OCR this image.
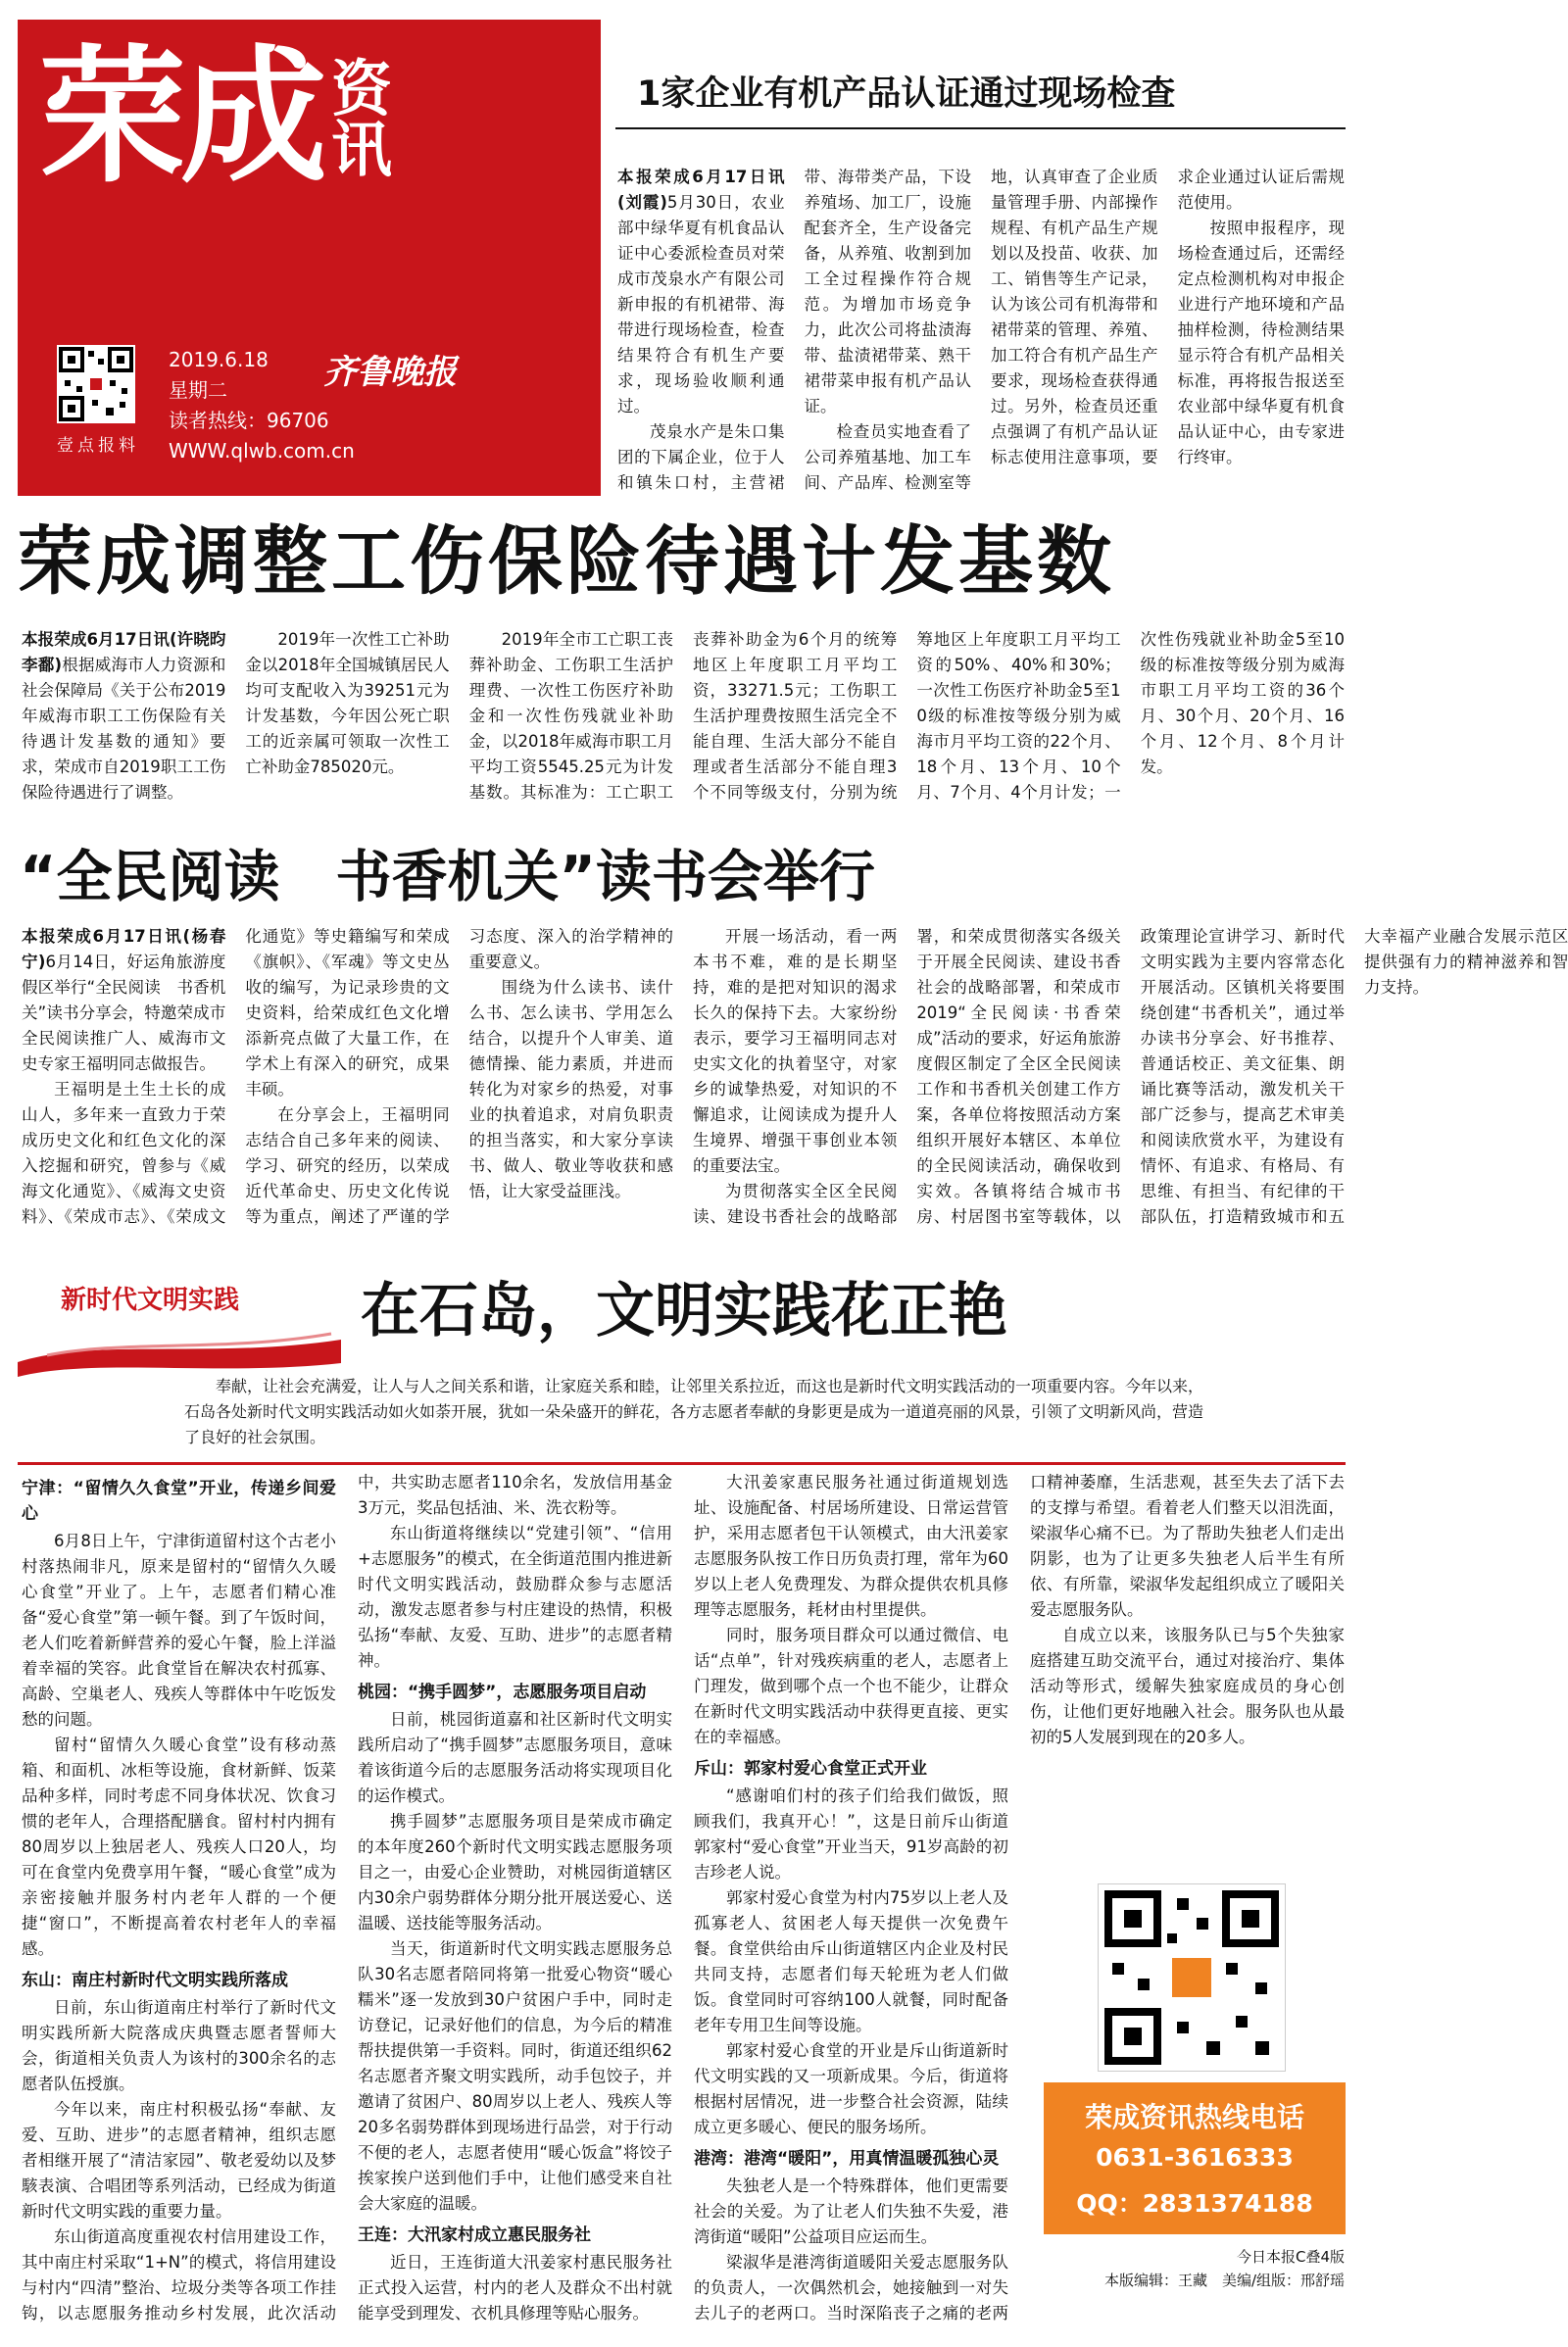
荣成 资讯
壹点报料
2019.6.18
星期二
读者热线：96706
WWW.qlwb.com.cn
齐鲁晚报
1家企业有机产品认证通过现场检查

本报荣成6月17日讯(刘霞)5月30日，农业部中绿华夏有机食品认证中心委派检查员对荣成市茂泉水产有限公司新申报的有机裙带、海带进行现场检查，检查结果符合有机生产要求，现场验收顺利通过。

茂泉水产是朱口集团的下属企业，位于人和镇朱口村，主营裙带、海带类产品，下设养殖场、加工厂，设施配套齐全，生产设备完备，从养殖、收割到加工全过程操作符合规范。为增加市场竞争力，此次公司将盐渍海带、盐渍裙带菜、熟干裙带菜申报有机产品认证。

检查员实地查看了公司养殖基地、加工车间、产品库、检测室等地，认真审查了企业质量管理手册、内部操作规程、有机产品生产规划以及投苗、收获、加工、销售等生产记录，认为该公司有机海带和裙带菜的管理、养殖、加工符合有机产品生产要求，现场检查获得通过。另外，检查员还重点强调了有机产品认证标志使用注意事项，要求企业通过认证后需规范使用。

按照申报程序，现场检查通过后，还需经定点检测机构对申报企业进行产地环境和产品抽样检测，待检测结果显示符合有机产品相关标准，再将报告报送至农业部中绿华夏有机食品认证中心，由专家进行终审。

荣成调整工伤保险待遇计发基数

本报荣成6月17日讯(许晓昀 李鄱)根据威海市人力资源和社会保障局《关于公布2019年威海市职工工伤保险有关待遇计发基数的通知》要求，荣成市自2019职工工伤保险待遇进行了调整。

2019年一次性工亡补助金以2018年全国城镇居民人均可支配收入为39251元为计发基数，今年因公死亡职工的近亲属可领取一次性工亡补助金785020元。

2019年全市工亡职工丧葬补助金、工伤职工生活护理费、一次性工伤医疗补助金和一次性伤残就业补助金，以2018年威海市职工月平均工资5545.25元为计发基数。其标准为：工亡职工丧葬补助金为6个月的统筹地区上年度职工月平均工资，33271.5元；工伤职工生活护理费按照生活完全不能自理、生活大部分不能自理或者生活部分不能自理3个不同等级支付，分别为统筹地区上年度职工月平均工资的50%、40%和30%；一次性工伤医疗补助金5至10级的标准按等级分别为威海市月平均工资的22个月、18个月、13个月、10个月、7个月、4个月计发；一次性伤残就业补助金5至10级的标准按等级分别为威海市职工月平均工资的36个月、30个月、20个月、16个月、12个月、8个月计发。

“全民阅读　书香机关”读书会举行

本报荣成6月17日讯(杨春宁)6月14日，好运角旅游度假区举行“全民阅读　书香机关”读书分享会，特邀荣成市全民阅读推广人、威海市文史专家王福明同志做报告。

王福明是土生土长的成山人，多年来一直致力于荣成历史文化和红色文化的深入挖掘和研究，曾参与《威海文化通览》、《威海文史资料》、《荣成市志》、《荣成文化通览》等史籍编写和荣成《旗帜》、《军魂》等文史丛收的编写，为记录珍贵的文史资料，给荣成红色文化增添新亮点做了大量工作，在学术上有深入的研究，成果丰硕。

在分享会上，王福明同志结合自己多年来的阅读、学习、研究的经历，以荣成近代革命史、历史文化传说等为重点，阐述了严谨的学习态度、深入的治学精神的重要意义。

围绕为什么读书、读什么书、怎么读书、学用怎么结合，以提升个人审美、道德情操、能力素质，并进而转化为对家乡的热爱，对事业的执着追求，对肩负职责的担当落实，和大家分享读书、做人、敬业等收获和感悟，让大家受益匪浅。

开展一场活动，看一两本书不难，难的是长期坚持，难的是把对知识的渴求长久的保持下去。大家纷纷表示，要学习王福明同志对史实文化的执着坚守，对家乡的诚挚热爱，对知识的不懈追求，让阅读成为提升人生境界、增强干事创业本领的重要法宝。

为贯彻落实全区全民阅读、建设书香社会的战略部署，和荣成贯彻落实各级关于开展全民阅读、建设书香社会的战略部署，和荣成市2019“全民阅读·书香荣成”活动的要求，好运角旅游度假区制定了全区全民阅读工作和书香机关创建工作方案，各单位将按照活动方案组织开展好本辖区、本单位的全民阅读活动，确保收到实效。各镇将结合城市书房、村居图书室等载体，以政策理论宣讲学习、新时代文明实践为主要内容常态化开展活动。区镇机关将要围绕创建“书香机关”，通过举办读书分享会、好书推荐、普通话校正、美文征集、朗诵比赛等活动，激发机关干部广泛参与，提高艺术审美和阅读欣赏水平，为建设有情怀、有追求、有格局、有思维、有担当、有纪律的干部队伍，打造精致城市和五大幸福产业融合发展示范区提供强有力的精神滋养和智力支持。

新时代文明实践 在石岛，文明实践花正艳

奉献，让社会充满爱，让人与人之间关系和谐，让家庭关系和睦，让邻里关系拉近，而这也是新时代文明实践活动的一项重要内容。今年以来，石岛各处新时代文明实践活动如火如荼开展，犹如一朵朵盛开的鲜花，各方志愿者奉献的身影更是成为一道道亮丽的风景，引领了文明新风尚，营造了良好的社会氛围。

宁津：“留情久久食堂”开业，传递乡间爱心

6月8日上午，宁津街道留村这个古老小村落热闹非凡，原来是留村的“留情久久暖心食堂”开业了。上午，志愿者们精心准备“爱心食堂”第一顿午餐。到了午饭时间，老人们吃着新鲜营养的爱心午餐，脸上洋溢着幸福的笑容。此食堂旨在解决农村孤寡、高龄、空巢老人、残疾人等群体中午吃饭发愁的问题。

留村“留情久久暖心食堂”设有移动蒸箱、和面机、冰柜等设施，食材新鲜、饭菜品种多样，同时考虑不同身体状况、饮食习惯的老年人，合理搭配膳食。留村村内拥有80周岁以上独居老人、残疾人口20人，均可在食堂内免费享用午餐，“暖心食堂”成为亲密接触并服务村内老年人群的一个便捷“窗口”，不断提高着农村老年人的幸福感。

东山：南庄村新时代文明实践所落成

日前，东山街道南庄村举行了新时代文明实践所新大院落成庆典暨志愿者誓师大会，街道相关负责人为该村的300余名的志愿者队伍授旗。

今年以来，南庄村积极弘扬“奉献、友爱、互助、进步”的志愿者精神，组织志愿者相继开展了“清洁家园”、敬老爱幼以及梦駭表演、合唱团等系列活动，已经成为街道新时代文明实践的重要力量。

东山街道高度重视农村信用建设工作，其中南庄村采取“1+N”的模式，将信用建设与村内“四清”整治、垃圾分类等各项工作挂钩，以志愿服务推动乡村发展，此次活动中，共实助志愿者110余名，发放信用基金3万元，奖品包括油、米、洗衣粉等。

东山街道将继续以“党建引领”、“信用+志愿服务”的模式，在全街道范围内推进新时代文明实践活动，鼓励群众参与志愿活动，激发志愿者参与村庄建设的热情，积极弘扬“奉献、友爱、互助、进步”的志愿者精神。

桃园：“携手圆梦”，志愿服务项目启动

日前，桃园街道嘉和社区新时代文明实践所启动了“携手圆梦”志愿服务项目，意味着该街道今后的志愿服务活动将实现项目化的运作模式。

携手圆梦”志愿服务项目是荣成市确定的本年度260个新时代文明实践志愿服务项目之一，由爱心企业赞助，对桃园街道辖区内30余户弱势群体分期分批开展送爱心、送温暖、送技能等服务活动。

当天，街道新时代文明实践志愿服务总队30名志愿者陪同将第一批爱心物资“暖心糯米”逐一发放到30户贫困户手中，同时走访登记，记录好他们的信息，为今后的精准帮扶提供第一手资料。同时，街道还组织62名志愿者齐聚文明实践所，动手包饺子，并邀请了贫困户、80周岁以上老人、残疾人等20多名弱势群体到现场进行品尝，对于行动不便的老人，志愿者使用“暖心饭盒”将饺子挨家挨户送到他们手中，让他们感受来自社会大家庭的温暖。

王连：大汛家村成立惠民服务社

近日，王连街道大汛姜家村惠民服务社正式投入运营，村内的老人及群众不出村就能享受到理发、衣机具修理等贴心服务。

大汛姜家惠民服务社通过街道规划选址、设施配备、村居场所建设、日常运营管护，采用志愿者包干认领模式，由大汛姜家志愿服务队按工作日历负责打理，常年为60岁以上老人免费理发、为群众提供农机具修理等志愿服务，耗材由村里提供。

同时，服务项目群众可以通过微信、电话“点单”，针对残疾病重的老人，志愿者上门理发，做到哪个点一个也不能少，让群众在新时代文明实践活动中获得更直接、更实在的幸福感。

斥山：郭家村爱心食堂正式开业

“感谢咱们村的孩子们给我们做饭，照顾我们，我真开心！”，这是日前斥山街道郭家村“爱心食堂”开业当天，91岁高龄的初吉珍老人说。

郭家村爱心食堂为村内75岁以上老人及孤寡老人、贫困老人每天提供一次免费午餐。食堂供给由斥山街道辖区内企业及村民共同支持，志愿者们每天轮班为老人们做饭。食堂同时可容纳100人就餐，同时配备老年专用卫生间等设施。

郭家村爱心食堂的开业是斥山街道新时代文明实践的又一项新成果。今后，街道将根据村居情况，进一步整合社会资源，陆续成立更多暖心、便民的服务场所。

港湾：港湾“暖阳”，用真情温暖孤独心灵

失独老人是一个特殊群体，他们更需要社会的关爱。为了让老人们失独不失爱，港湾街道“暖阳”公益项目应运而生。

梁淑华是港湾街道暖阳关爱志愿服务队的负责人，一次偶然机会，她接触到一对失去儿子的老两口。当时深陷丧子之痛的老两口精神萎靡，生活悲观，甚至失去了活下去的支撑与希望。看着老人们整天以泪洗面，梁淑华心痛不已。为了帮助失独老人们走出阴影，也为了让更多失独老人后半生有所依、有所靠，梁淑华发起组织成立了暖阳关爱志愿服务队。

自成立以来，该服务队已与5个失独家庭搭建互助交流平台，通过对接治疗、集体活动等形式，缓解失独家庭成员的身心创伤，让他们更好地融入社会。服务队也从最初的5人发展到现在的20多人。

荣成资讯热线电话
0631-3616333
QQ：2831374188
今日本报C叠4版
本版编辑：王藏　美编/组版：邢舒瑶
